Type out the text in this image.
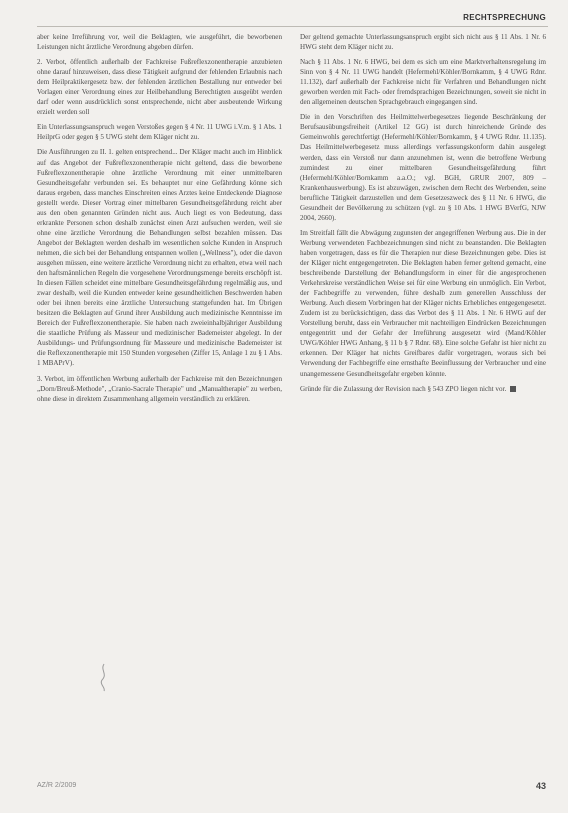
RECHTSPRECHUNG

aber keine Irreführung vor, weil die Beklagten, wie ausgeführt, die beworbenen Leistungen nicht ärztliche Verordnung abgeben dürfen.

2. Verbot, öffentlich außerhalb der Fachkreise Fußreflexzonentherapie anzubieten ohne darauf hinzuweisen, dass diese Tätigkeit aufgrund der fehlenden Erlaubnis nach dem Heilpraktikergesetz bzw. der fehlenden ärztlichen Bestallung nur entweder bei Vorlagen einer Verordnung eines zur Heilbehandlung Berechtigten ausgeübt werden darf oder wenn ausdrücklich sonst entsprechende, nicht aber ausbeutende Wirkung erzielt werden soll

Ein Unterlassungsanspruch wegen Verstoßes gegen § 4 Nr. 11 UWG i.V.m. § 1 Abs. 1 HeilprG oder gegen § 5 UWG steht dem Kläger nicht zu.

Die Ausführungen zu II. 1. gelten entsprechend... Der Kläger macht auch im Hinblick auf das Angebot der Fußreflexzonentherapie nicht geltend, dass die beworbene Fußreflexzonentherapie ohne ärztliche Verordnung mit einer unmittelbaren Gesundheitsgefahr verbunden sei. Es behauptet nur eine Gefährdung könne sich daraus ergeben, dass manches Einschreiten eines Arztes keine Entdeckende Diagnose gestellt werde. Dieser Vortrag einer mittelbaren Gesundheitsgefährdung reicht aber aus den oben genannten Gründen nicht aus. Auch liegt es von Bedeutung, dass erkrankte Personen schon deshalb zunächst einen Arzt aufsuchen werden, weil sie ohne eine ärztliche Verordnung die Behandlungen selbst bezahlen müssen. Das Angebot der Beklagten werden deshalb im wesentlichen solche Kunden in Anspruch nehmen, die sich bei der Behandlung entspannen wollen („Wellness"), oder die davon ausgehen müssen, eine weitere ärztliche Verordnung nicht zu erhalten, etwa weil nach den haftsmännlichen Regeln die vorgesehene Verordnungsmenge bereits erschöpft ist. In diesen Fällen scheidet eine mittelbare Gesundheitsgefährdung regelmäßig aus, und zwar deshalb, weil die Kunden entweder keine gesundheitlichen Beschwerden haben oder bei ihnen bereits eine ärztliche Untersuchung stattgefunden hat. Im Übrigen besitzen die Beklagten auf Grund ihrer Ausbildung auch medizinische Kenntnisse im Bereich der Fußreflexzonentherapie. Sie haben nach zweieinhalbjähriger Ausbildung die staatliche Prüfung als Masseur und medizinischer Bademeister abgelegt. In der Ausbildungs- und Prüfungsordnung für Masseure und medizinische Bademeister ist die Reflexzonentherapie mit 150 Stunden vorgesehen (Ziffer 15, Anlage 1 zu § 1 Abs. 1 MBAPrV).

3. Verbot, im öffentlichen Werbung außerhalb der Fachkreise mit den Bezeichnungen „Dorn/Breuß-Methode", „Cranio-Sacrale Therapie" und „Manualtherapie" zu werben, ohne diese in direktem Zusammenhang allgemein verständlich zu erklären.

Der geltend gemachte Unterlassungsanspruch ergibt sich nicht aus § 11 Abs. 1 Nr. 6 HWG steht dem Kläger nicht zu.

Nach § 11 Abs. 1 Nr. 6 HWG, bei dem es sich um eine Marktverhaltensregelung im Sinn von § 4 Nr. 11 UWG handelt (Hefermehl/Köhler/Bornkamm, § 4 UWG Rdnr. 11.132), darf außerhalb der Fachkreise nicht für Verfahren und Behandlungen nicht geworben werden mit Fach- oder fremdsprachigen Bezeichnungen, soweit sie nicht in den allgemeinen deutschen Sprachgebrauch eingegangen sind.

Die in den Vorschriften des Heilmittelwerbegesetzes liegende Beschränkung der Berufsausübungsfreiheit (Artikel 12 GG) ist durch hinreichende Gründe des Gemeinwohls gerechtfertigt (Hefermehl/Köhler/Bornkamm, § 4 UWG Rdnr. 11.135). Das Heilmittelwerbegesetz muss allerdings verfassungskonform dahin ausgelegt werden, dass ein Verstoß nur dann anzunehmen ist, wenn die betroffene Werbung zumindest zu einer mittelbaren Gesundheitsgefährdung führt (Hefermehl/Köhler/Bornkamm a.a.O.; vgl. BGH, GRUR 2007, 809 – Krankenhauswerbung). Es ist abzuwägen, zwischen dem Recht des Werbenden, seine berufliche Tätigkeit darzustellen und dem Gesetzeszweck des § 11 Nr. 6 HWG, die Gesundheit der Bevölkerung zu schützen (vgl. zu § 10 Abs. 1 HWG BVerfG, NJW 2004, 2660).

Im Streitfall fällt die Abwägung zugunsten der angegriffenen Werbung aus. Die in der Werbung verwendeten Fachbezeichnungen sind nicht zu beanstanden. Die Beklagten haben vorgetragen, dass es für die Therapien nur diese Bezeichnungen gebe. Dies ist der Kläger nicht entgegengetreten. Die Beklagten haben ferner geltend gemacht, eine beschreibende Darstellung der Behandlungsform in einer für die angesprochenen Verkehrskreise verständlichen Weise sei für eine Werbung ein unmöglich. Ein Verbot, der Fachbegriffe zu verwenden, führe deshalb zum generellen Ausschluss der Werbung. Auch diesem Vorbringen hat der Kläger nichts Erhebliches entgegengesetzt. Zudem ist zu berücksichtigen, dass das Verbot des § 11 Abs. 1 Nr. 6 HWG auf der Vorstellung beruht, dass ein Verbraucher mit nachteiligen Eindrücken Bezeichnungen entgegentritt und der Gefahr der Irreführung ausgesetzt wird (Mand/Köhler UWG/Köhler HWG Anhang, § 11 b § 7 Rdnr. 68). Eine solche Gefahr ist hier nicht zu erkennen. Der Kläger hat nichts Greifbares dafür vorgetragen, woraus sich bei Verwendung der Fachbegriffe eine ernsthafte Beeinflussung der Verbraucher und eine unangemessene Gesundheitsgefahr ergeben könnte.

Gründe für die Zulassung der Revision nach § 543 ZPO liegen nicht vor.

AZ/R 2/2009	43
